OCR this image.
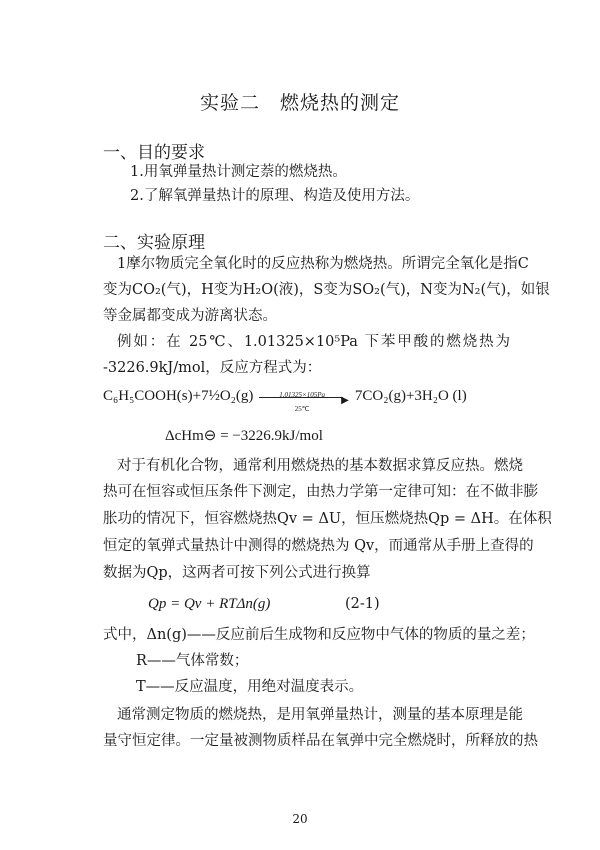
实验二　燃烧热的测定
一、目的要求
1.用氧弹量热计测定萘的燃烧热。
2.了解氧弹量热计的原理、构造及使用方法。
二、实验原理
1摩尔物质完全氧化时的反应热称为燃烧热。所谓完全氧化是指C
变为CO₂(气)，H变为H₂O(液)，S变为SO₂(气)，N变为N₂(气)，如银
等金属都变成为游离状态。
例如：在 25℃、1.01325×10⁵Pa 下苯甲酸的燃烧热为
-3226.9kJ/mol，反应方程式为：
C₆H₅COOH(s)+7½O₂(g)	1.01325×105Pa	▶
25℃
7CO₂(g)+3H₂O (l)
ΔcHm⊖ = −3226.9kJ/mol
对于有机化合物，通常利用燃烧热的基本数据求算反应热。燃烧
热可在恒容或恒压条件下测定，由热力学第一定律可知：在不做非膨
胀功的情况下，恒容燃烧热Qv = ΔU，恒压燃烧热Qp = ΔH。在体积
恒定的氧弹式量热计中测得的燃烧热为 Qv，而通常从手册上查得的
数据为Qp，这两者可按下列公式进行换算
Qp = Qv + RTΔn(g)	(2-1)
式中，Δn(g)——反应前后生成物和反应物中气体的物质的量之差；
R——气体常数；
T——反应温度，用绝对温度表示。
通常测定物质的燃烧热，是用氧弹量热计，测量的基本原理是能
量守恒定律。一定量被测物质样品在氧弹中完全燃烧时，所释放的热
20
